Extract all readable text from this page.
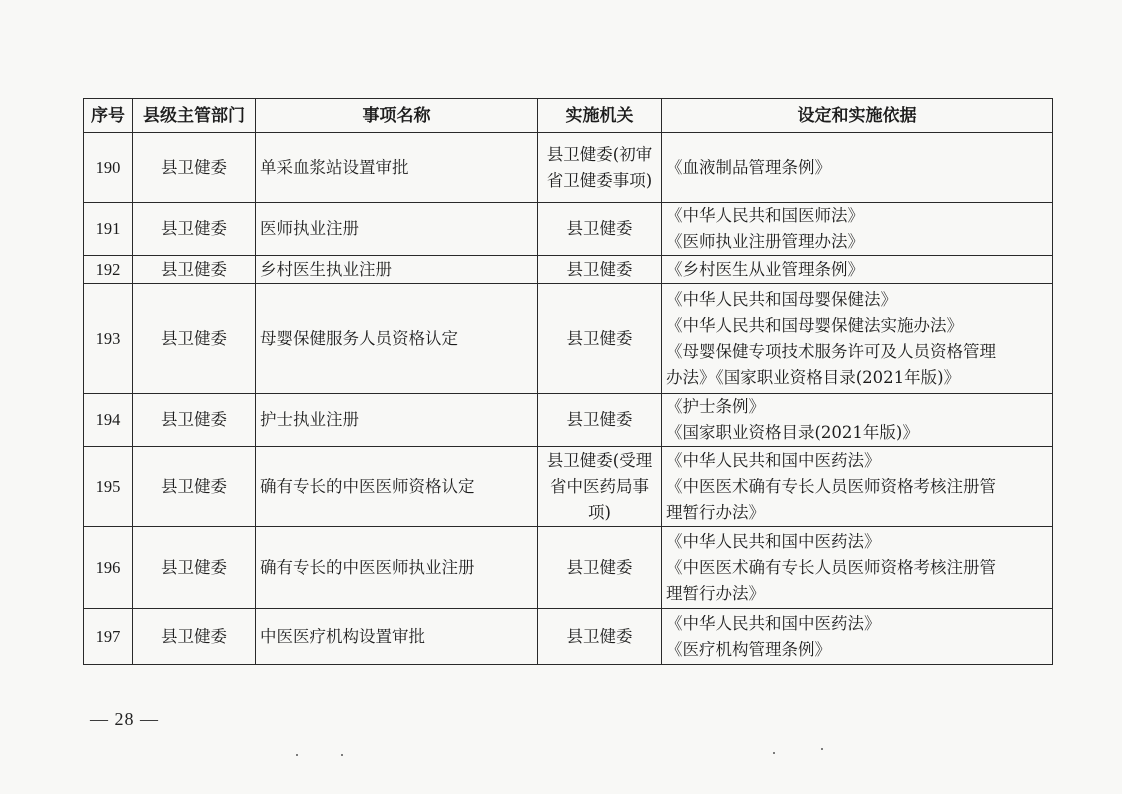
序号	县级主管部门	事项名称	实施机关	设定和实施依据
190	县卫健委	单采血浆站设置审批	县卫健委(初审
省卫健委事项)	《血液制品管理条例》

191	县卫健委	医师执业注册	县卫健委	《中华人民共和国医师法》
《医师执业注册管理办法》

192	县卫健委	乡村医生执业注册	县卫健委	《乡村医生从业管理条例》

193	县卫健委	母婴保健服务人员资格认定	县卫健委	《中华人民共和国母婴保健法》
《中华人民共和国母婴保健法实施办法》
《母婴保健专项技术服务许可及人员资格管理
办法》《国家职业资格目录(2021年版)》

194	县卫健委	护士执业注册	县卫健委	《护士条例》
《国家职业资格目录(2021年版)》

195	县卫健委	确有专长的中医医师资格认定	县卫健委(受理
省中医药局事
项)	《中华人民共和国中医药法》
《中医医术确有专长人员医师资格考核注册管
理暂行办法》

196	县卫健委	确有专长的中医医师执业注册	县卫健委	《中华人民共和国中医药法》
《中医医术确有专长人员医师资格考核注册管
理暂行办法》

197	县卫健委	中医医疗机构设置审批	县卫健委	《中华人民共和国中医药法》
《医疗机构管理条例》
— 28 —
